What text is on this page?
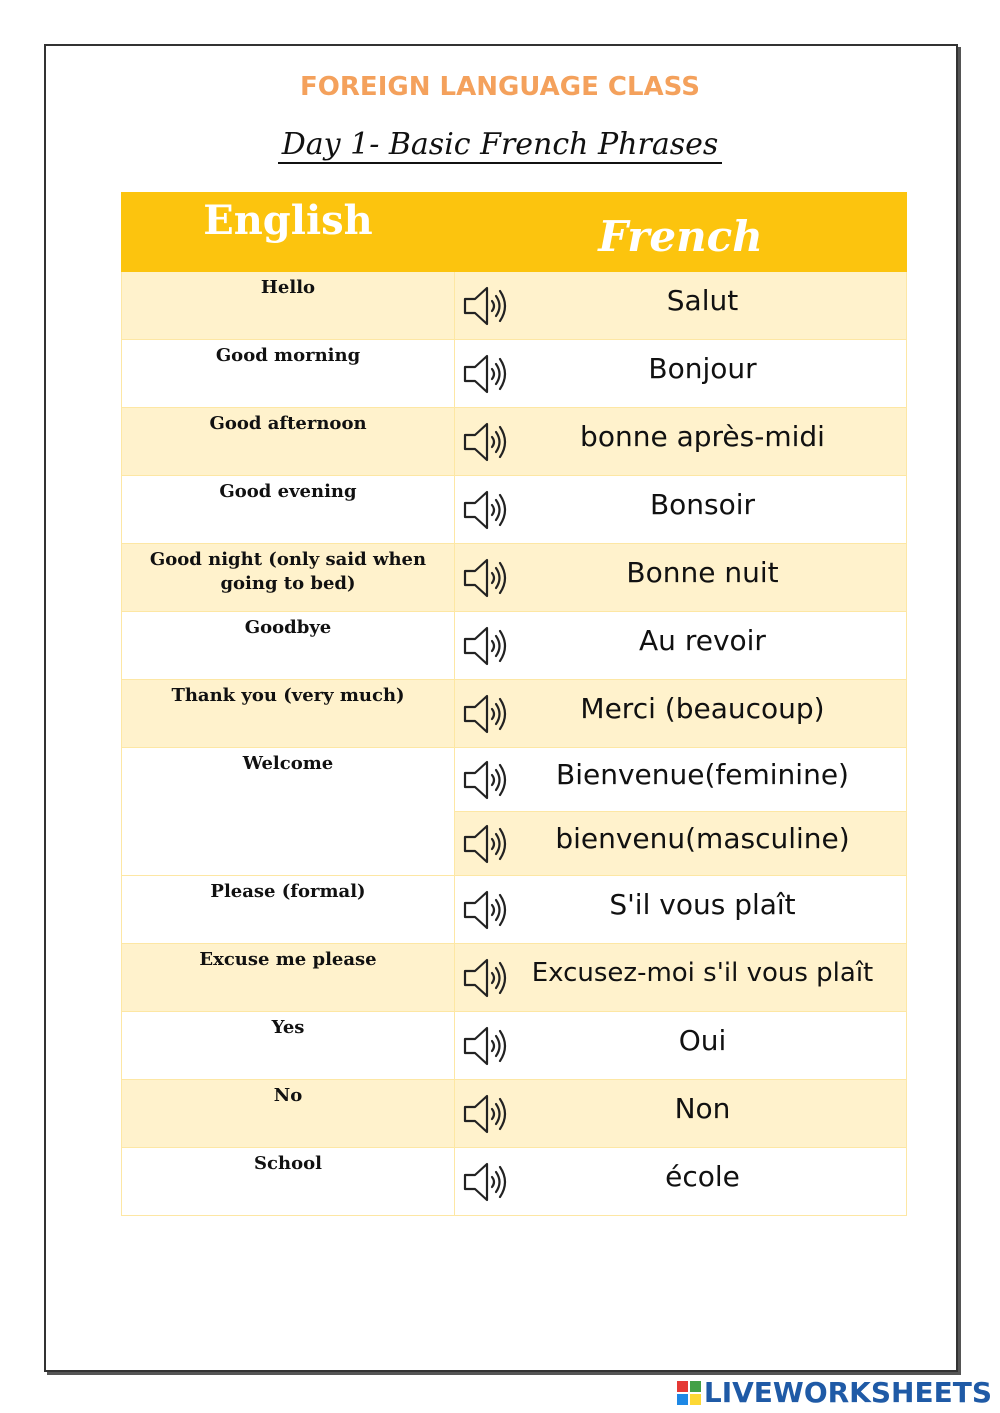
FOREIGN LANGUAGE CLASS
Day 1- Basic French Phrases
English	French
Hello	Salut

Good morning	Bonjour

Good afternoon	bonne après-midi

Good evening	Bonsoir

Good night (only said when going to bed)	Bonne nuit

Goodbye	Au revoir

Thank you (very much)	Merci (beaucoup)

Welcome	Bienvenue(feminine)

	bienvenu(masculine)

Please (formal)	S'il vous plaît

Excuse me please	Excusez-moi s'il vous plaît

Yes	Oui

No	Non

School	école
LIVEWORKSHEETS
